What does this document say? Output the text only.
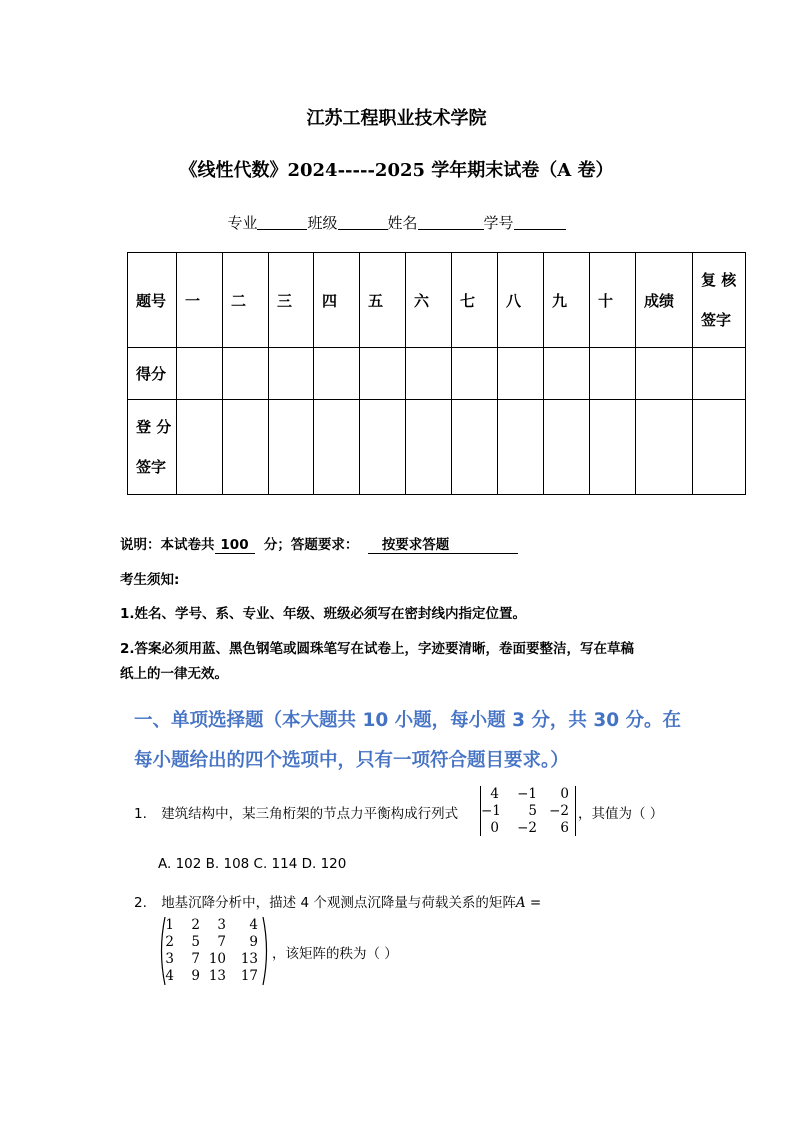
江苏工程职业技术学院
《线性代数》2024-----2025 学年期末试卷（A 卷）
专业	班级	姓名	学号
题号	一	二	三	四	五	六	七	八	九	十	成绩	复 核
签字

得分												

登 分
签字												

说明：本试卷共 100 分；答题要求： 按要求答题
考生须知:
1.姓名、学号、系、专业、年级、班级必须写在密封线内指定位置。
2.答案必须用蓝、黑色钢笔或圆珠笔写在试卷上，字迹要清晰，卷面要整洁，写在草稿
纸上的一律无效。
一、单项选择题（本大题共 10 小题，每小题 3 分，共 30 分。在
每小题给出的四个选项中，只有一项符合题目要求。）
1. 建筑结构中，某三角桁架的节点力平衡构成行列式
4	−1	0
−1	5 −2
0	−2	6
，其值为（ ）
A. 102 B. 108 C. 114 D. 120
2. 地基沉降分析中，描述 4 个观测点沉降量与荷载关系的矩阵A =
1	2	3	4
2	5	7	9
3	7 10	13
4	9 13	17
，该矩阵的秩为（ ）
